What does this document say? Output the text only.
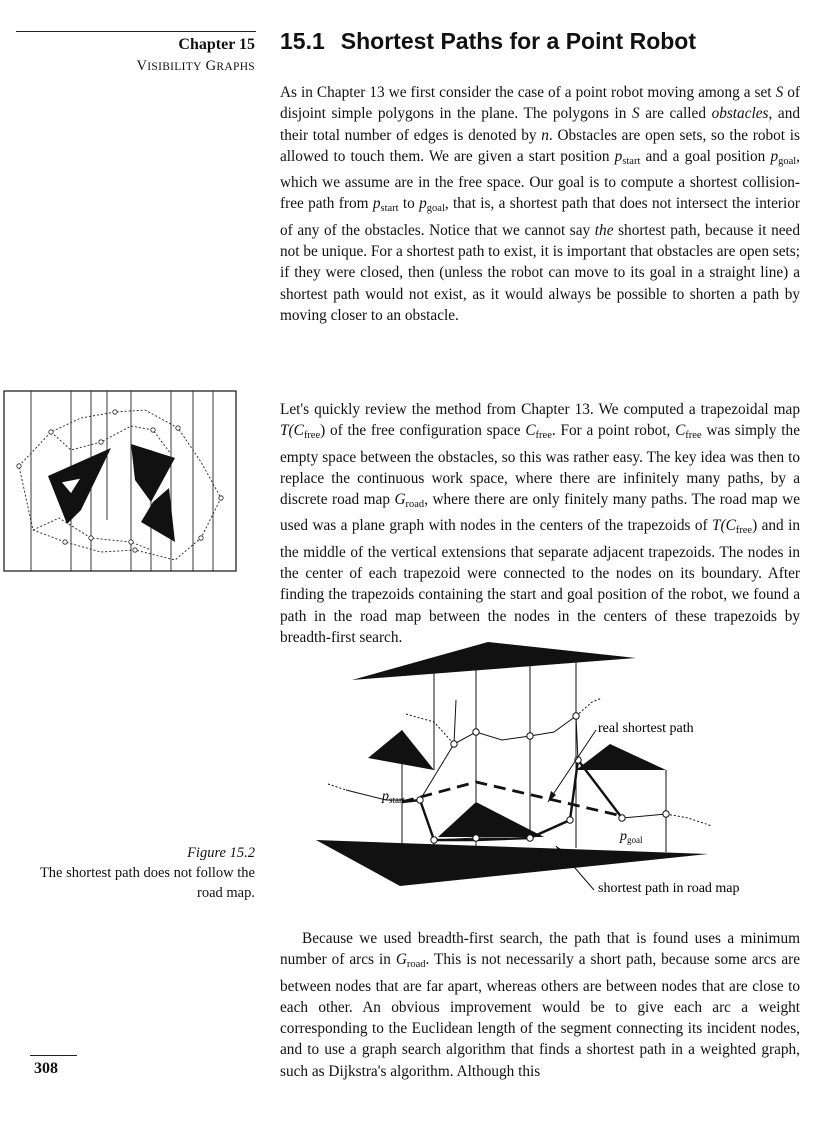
Chapter 15
VISIBILITY GRAPHS
15.1 Shortest Paths for a Point Robot

As in Chapter 13 we first consider the case of a point robot moving among a set S of disjoint simple polygons in the plane. The polygons in S are called obstacles, and their total number of edges is denoted by n. Obstacles are open sets, so the robot is allowed to touch them. We are given a start position $p_{start}$ and a goal position $p_{goal}$, which we assume are in the free space. Our goal is to compute a shortest collision-free path from $p_{start}$ to $p_{goal}$, that is, a shortest path that does not intersect the interior of any of the obstacles. Notice that we cannot say the shortest path, because it need not be unique. For a shortest path to exist, it is important that obstacles are open sets; if they were closed, then (unless the robot can move to its goal in a straight line) a shortest path would not exist, as it would always be possible to shorten a path by moving closer to an obstacle.

Let's quickly review the method from Chapter 13. We computed a trapezoidal map $T(C_{free})$ of the free configuration space $C_{free}$. For a point robot, $C_{free}$ was simply the empty space between the obstacles, so this was rather easy. The key idea was then to replace the continuous work space, where there are infinitely many paths, by a discrete road map $G_{road}$, where there are only finitely many paths. The road map we used was a plane graph with nodes in the centers of the trapezoids of $T(C_{free})$ and in the middle of the vertical extensions that separate adjacent trapezoids. The nodes in the center of each trapezoid were connected to the nodes on its boundary. After finding the trapezoids containing the start and goal position of the robot, we found a path in the road map between the nodes in the centers of these trapezoids by breadth-first search.

real shortest path
shortest path in road map
$p_{start}$
$p_{goal}$
Figure 15.2
The shortest path does not follow the
road map.

Because we used breadth-first search, the path that is found uses a minimum number of arcs in $G_{road}$. This is not necessarily a short path, because some arcs are between nodes that are far apart, whereas others are between nodes that are close to each other. An obvious improvement would be to give each arc a weight corresponding to the Euclidean length of the segment connecting its incident nodes, and to use a graph search algorithm that finds a shortest path in a weighted graph, such as Dijkstra's algorithm. Although this

308
